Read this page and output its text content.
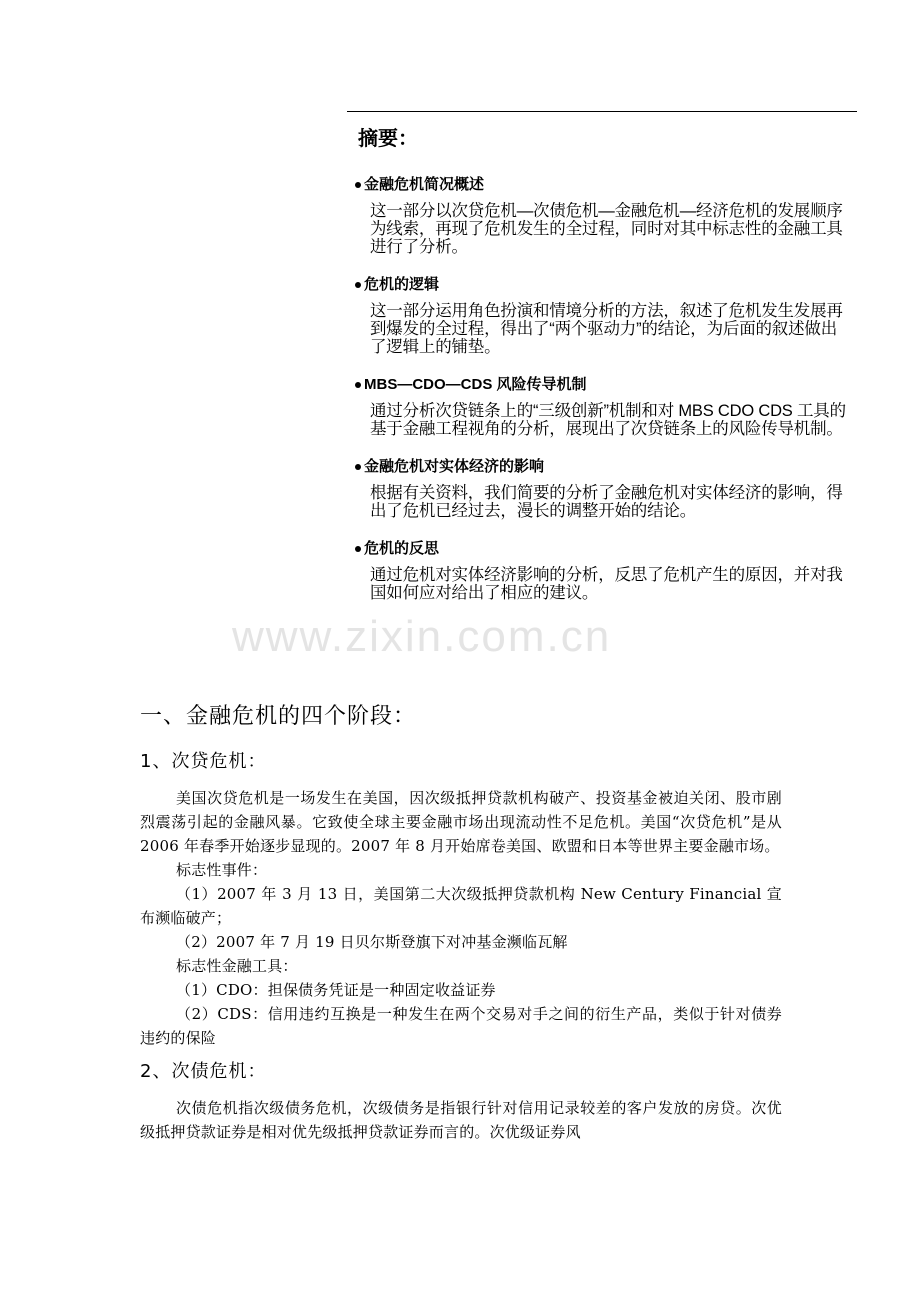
www.zixin.com.cn
摘要：
金融危机简况概述
这一部分以次贷危机—次债危机—金融危机—经济危机的发展顺序为线索，再现了危机发生的全过程，同时对其中标志性的金融工具进行了分析。
危机的逻辑
这一部分运用角色扮演和情境分析的方法，叙述了危机发生发展再到爆发的全过程，得出了“两个驱动力”的结论，为后面的叙述做出了逻辑上的铺垫。
MBS—CDO—CDS 风险传导机制
通过分析次贷链条上的“三级创新”机制和对 MBS CDO CDS 工具的基于金融工程视角的分析，展现出了次贷链条上的风险传导机制。
金融危机对实体经济的影响
根据有关资料，我们简要的分析了金融危机对实体经济的影响，得出了危机已经过去，漫长的调整开始的结论。
危机的反思
通过危机对实体经济影响的分析，反思了危机产生的原因，并对我国如何应对给出了相应的建议。
一、金融危机的四个阶段：
1、次贷危机：

美国次贷危机是一场发生在美国，因次级抵押贷款机构破产、投资基金被迫关闭、股市剧烈震荡引起的金融风暴。它致使全球主要金融市场出现流动性不足危机。美国“次贷危机”是从 2006 年春季开始逐步显现的。2007 年 8 月开始席卷美国、欧盟和日本等世界主要金融市场。

标志性事件：

（1）2007 年 3 月 13 日，美国第二大次级抵押贷款机构 New Century Financial 宣布濒临破产；

（2）2007 年 7 月 19 日贝尔斯登旗下对冲基金濒临瓦解

标志性金融工具：

（1）CDO：担保债务凭证是一种固定收益证券

（2）CDS：信用违约互换是一种发生在两个交易对手之间的衍生产品，类似于针对债券违约的保险

2、次债危机：

次债危机指次级债务危机，次级债务是指银行针对信用记录较差的客户发放的房贷。次优级抵押贷款证券是相对优先级抵押贷款证券而言的。次优级证券风
